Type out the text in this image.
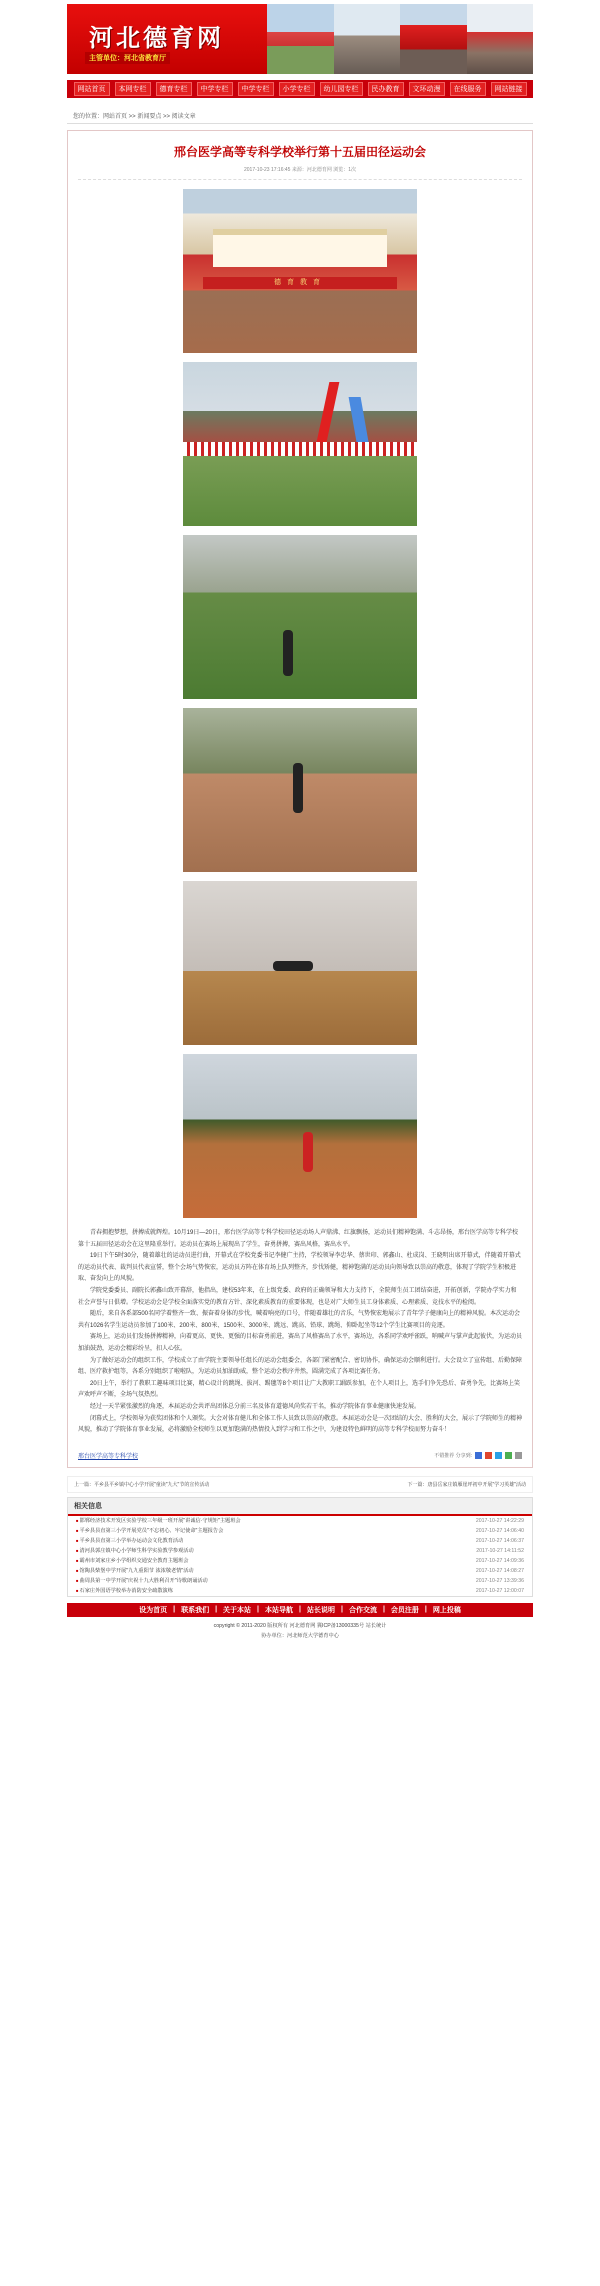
河北德育网
主管单位：河北省教育厅
网站首页	本网专栏	德育专栏	中学专栏	中学专栏	小学专栏	幼儿园专栏	民办教育	文环动漫	在线服务	网站链接
您的位置：网站首页 >> 新闻要点 >> 阅读文章
邢台医学高等专科学校举行第十五届田径运动会
2017-10-23 17:16:45 来源：河北德育网 浏览：1次
德育教育

青春拥抱梦想，拼搏成就辉煌。10月19日—20日，邢台医学高等专科学校田径运动场人声鼎沸、红旗飘扬，运动员们精神饱满、斗志昂扬，邢台医学高等专科学校第十五届田径运动会在这里隆重举行。运动员在赛场上展现出了学生，奋勇拼搏，赛出风格，赛出水平。

19日下午5时30分，随着雄壮的运动员进行曲，开幕式在学校党委书记李健广主持，学校领导李忠华、蔡世印、郭鑫山、杜成岗、王晓明出席开幕式，伴随着开幕式的运动员代表、裁判员代表宣誓，整个会场气势恢宏，运动员方阵在体育场上队列整齐，步伐矫健，精神饱满的运动员向领导致以崇高的敬意，体现了学院学生积极进取、奋发向上的风貌。

学院党委委员、副院长郭鑫山致开幕辞，他指出，建校53年来，在上级党委、政府的正确领导和大力支持下，全院师生员工团结奋进，开拓创新，学院办学实力和社会声誉与日俱增。学校运动会是学校全面落实党的教育方针、深化素质教育的重要体现，也是对广大师生员工身体素质、心理素质、竞技水平的检阅。

随后，来自各系部500名同学着整齐一致、振奋着身体的步伐，喊着响亮的口号，伴随着雄壮的音乐，气势恢宏地展示了青年学子健康向上的精神风貌。本次运动会共有1026名学生运动员参加了100米、200米、800米、1500米、3000米、跳远、跳高、铅球、跳绳、仰卧起坐等12个学生比赛项目的竞逐。

赛场上，运动员们发扬拼搏精神，向着更高、更快、更强的目标奋勇前进，赛出了风格赛出了水平，赛场边，各系同学欢呼雀跃，呐喊声与掌声此起彼伏，为运动员加油鼓劲，运动会精彩纷呈，扣人心弦。

为了做好运动会的组织工作，学校成立了由学院主要领导任组长的运动会组委会，各部门紧密配合、密切协作，确保运动会顺利进行。大会设立了宣传组、后勤保障组、医疗救护组等，各系分别组织了啦啦队，为运动员加油助威，整个运动会秩序井然，圆满完成了各项比赛任务。

20日上午，举行了教职工趣味项目比赛，精心设计的跳绳、拔河、踢毽等8个项目让广大教职工踊跃参加，在个人项目上，选手们争先恐后、奋勇争先，比赛场上笑声欢呼声不断，全场气氛热烈。

经过一天半紧张激烈的角逐，本届运动会共评出团体总分前三名及体育道德风尚奖若干名，推动学院体育事业健康快速发展。

闭幕式上，学校领导为获奖团体和个人颁奖。大会对体育健儿和全体工作人员致以崇高的敬意。本届运动会是一次团结的大会、胜利的大会，展示了学院师生的精神风貌，推动了学院体育事业发展，必将激励全校师生以更加饱满的热情投入到学习和工作之中，为建设特色鲜明的高等专科学校而努力奋斗！

邢台医学高等专科学校	不错推荐 分享到:
上一篇：平乡县平乡镇中心小学开展"童读"九大"节的宣传活动	下一篇：唐县岳家庄镇雁崖坪初中开展"学习英雄"活动
相关信息
■ 邯郸经济技术开发区实验学校三年级一班开展"讲诚信·守规矩"主题班会	2017-10-27 14:22:29
■ 平乡县县直第三小学开展党员"不忘初心、牢记使命"主题报告会	2017-10-27 14:06:40
■ 平乡县县直第三小学举办运动会文化教育活动	2017-10-27 14:06:37
■ 清河县郭庄镇中心小学师生科学实验教学参观活动	2017-10-27 14:11:52
■ 霸州市刘家庄乡小学组织交通安全教育主题班会	2017-10-27 14:09:36
■ 馆陶县柴堡中学开展"九九重阳节 浓浓敬老情"活动	2017-10-27 14:08:27
■ 曲周县第一中学开展"庆祝十九大胜利召开"诗歌朗诵活动	2017-10-27 13:39:36
■ 石家庄外国语学校举办消防安全疏散演练	2017-10-27 12:00:07
设为首页 | 联系我们 | 关于本站 | 本站导航 | 站长说明 | 合作交流 | 会员注册 | 网上投稿
copyright © 2011-2020 版权所有 河北德育网 冀ICP备13000335号 站长统计
协办单位：河北师范大学德育中心
